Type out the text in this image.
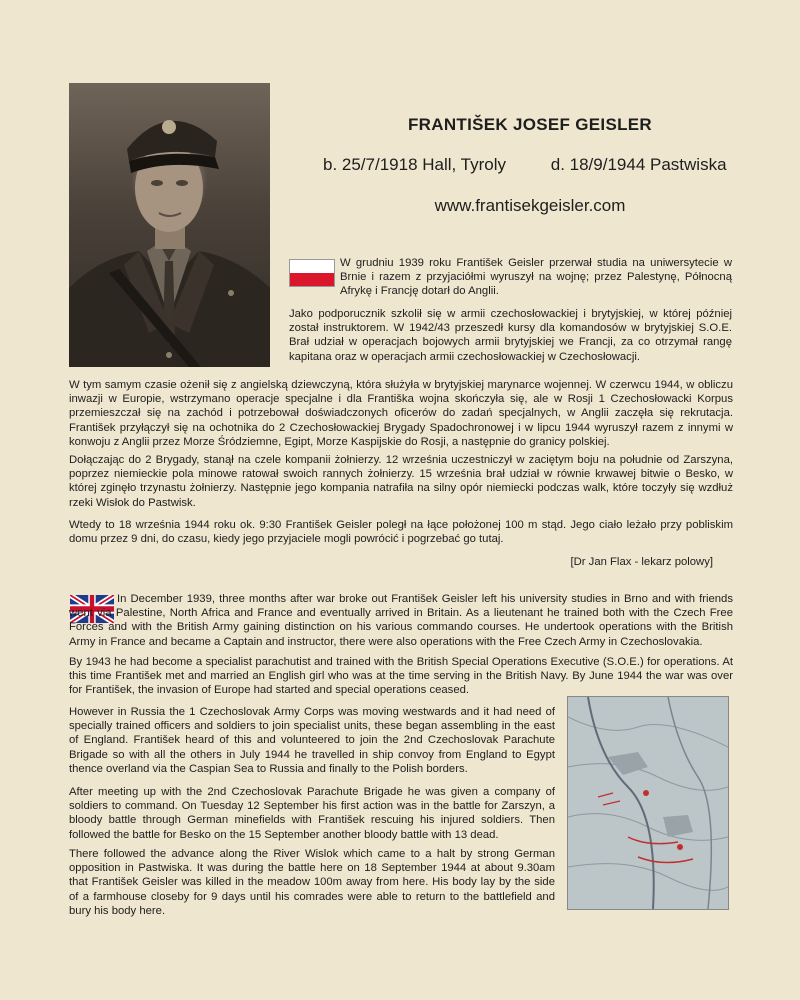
FRANTIŠEK JOSEF GEISLER
b. 25/7/1918 Hall, Tyroly	d. 18/9/1944 Pastwiska
www.frantisekgeisler.com

W grudniu 1939 roku František Geisler przerwał studia na uniwersytecie w Brnie i razem z przyjaciółmi wyruszył na wojnę; przez Palestynę, Północną Afrykę i Francję dotarł do Anglii.

Jako podporucznik szkolił się w armii czechosłowackiej i brytyjskiej, w której później został instruktorem. W 1942/43 przeszedł kursy dla komandosów w brytyjskiej S.O.E. Brał udział w operacjach bojowych armii brytyjskiej we Francji, za co otrzymał rangę kapitana oraz w operacjach armii czechosłowackiej w Czechosłowacji.

W tym samym czasie ożenił się z angielską dziewczyną, która służyła w brytyjskiej marynarce wojennej. W czerwcu 1944, w obliczu inwazji w Europie, wstrzymano operacje specjalne i dla Františka wojna skończyła się, ale w Rosji 1 Czechosłowacki Korpus przemieszczał się na zachód i potrzebował doświadczonych oficerów do zadań specjalnych, w Anglii zaczęła się rekrutacja. František przyłączył się na ochotnika do 2 Czechosłowackiej Brygady Spadochronowej i w lipcu 1944 wyruszył razem z innymi w konwoju z Anglii przez Morze Śródziemne, Egipt, Morze Kaspijskie do Rosji, a następnie do granicy polskiej.

Dołączając do 2 Brygady, stanął na czele kompanii żołnierzy. 12 września uczestniczył w zaciętym boju na południe od Zarszyna, poprzez niemieckie pola minowe ratował swoich rannych żołnierzy. 15 września brał udział w równie krwawej bitwie o Besko, w której zginęło trzynastu żołnierzy. Następnie jego kompania natrafiła na silny opór niemiecki podczas walk, które toczyły się wzdłuż rzeki Wisłok do Pastwisk.

Wtedy to 18 września 1944 roku ok. 9:30 František Geisler poległ na łące położonej 100 m stąd. Jego ciało leżało przy pobliskim domu przez 9 dni, do czasu, kiedy jego przyjaciele mogli powrócić i pogrzebać go tutaj.

[Dr Jan Flax - lekarz polowy]

In December 1939, three months after war broke out František Geisler left his university studies in Brno and with friends went via Palestine, North Africa and France and eventually arrived in Britain. As a lieutenant he trained both with the Czech Free Forces and with the British Army gaining distinction on his various commando courses. He undertook operations with the British Army in France and became a Captain and instructor, there were also operations with the Free Czech Army in Czechoslovakia.

By 1943 he had become a specialist parachutist and trained with the British Special Operations Executive (S.O.E.) for operations. At this time František met and married an English girl who was at the time serving in the British Navy. By June 1944 the war was over for František, the invasion of Europe had started and special operations ceased.

However in Russia the 1 Czechoslovak Army Corps was moving westwards and it had need of specially trained officers and soldiers to join specialist units, these began assembling in the east of England. František heard of this and volunteered to join the 2nd Czechoslovak Parachute Brigade so with all the others in July 1944 he travelled in ship convoy from England to Egypt thence overland via the Caspian Sea to Russia and finally to the Polish borders.

After meeting up with the 2nd Czechoslovak Parachute Brigade he was given a company of soldiers to command. On Tuesday 12 September his first action was in the battle for Zarszyn, a bloody battle through German minefields with František rescuing his injured soldiers. Then followed the battle for Besko on the 15 September another bloody battle with 13 dead.

There followed the advance along the River Wislok which came to a halt by strong German opposition in Pastwiska. It was during the battle here on 18 September 1944 at about 9.30am that František Geisler was killed in the meadow 100m away from here. His body lay by the side of a farmhouse closeby for 9 days until his comrades were able to return to the battlefield and bury his body here.
